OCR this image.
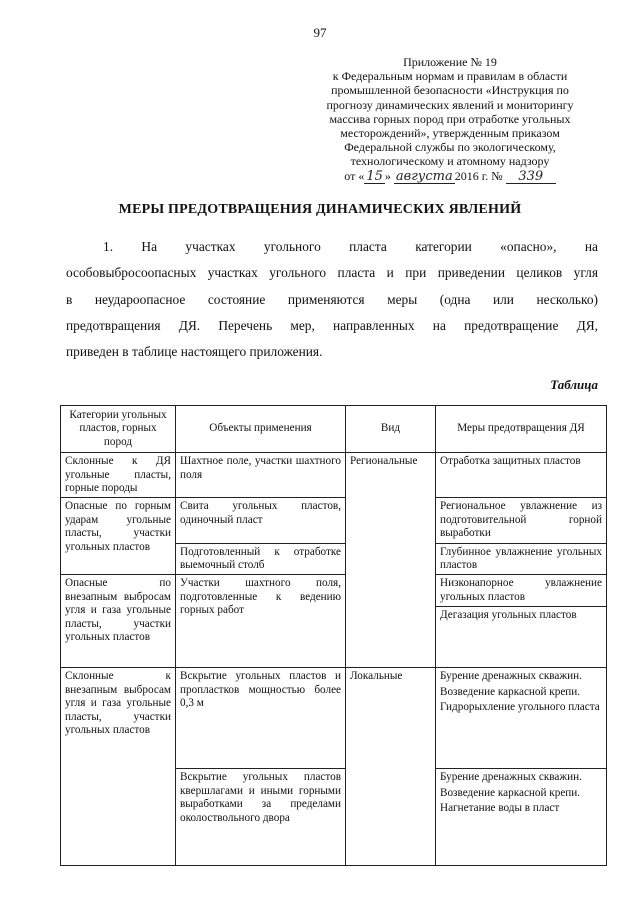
97
Приложение № 19
к Федеральным нормам и правилам в области
промышленной безопасности «Инструкция по
прогнозу динамических явлений и мониторингу
массива горных пород при отработке угольных
месторождений», утвержденным приказом
Федеральной службы по экологическому,
технологическому и атомному надзору
от « 15 » августа 2016 г. № 339
МЕРЫ ПРЕДОТВРАЩЕНИЯ ДИНАМИЧЕСКИХ ЯВЛЕНИЙ
1. На участках угольного пласта категории «опасно», на
особовыбросоопасных участках угольного пласта и при приведении целиков угля
в неудароопасное состояние применяются меры (одна или несколько)
предотвращения ДЯ. Перечень мер, направленных на предотвращение ДЯ,
приведен в таблице настоящего приложения.
Таблица
Категории угольных пластов, горных пород	Объекты применения	Вид	Меры предотвращения ДЯ
Склонные к ДЯ угольные пласты, горные породы	Шахтное поле, участки шахтного поля	Региональные	Отработка защитных пластов
Опасные по горным ударам угольные пласты, участки угольных пластов	Свита угольных пластов, одиночный пласт		Региональное увлажнение из подготовительной горной выработки
	Подготовленный к отработке выемочный столб		Глубинное увлажнение угольных пластов
Опасные по внезапным выбросам угля и газа угольные пласты, участки угольных пластов	Участки шахтного поля, подготовленные к ведению горных работ		Низконапорное увлажнение угольных пластов
			Дегазация угольных пластов
Склонные к внезапным выбросам угля и газа угольные пласты, участки угольных пластов	Вскрытие угольных пластов и пропластков мощностью более 0,3 м	Локальные	Бурение дренажных скважин.
Возведение каркасной крепи.
Гидрорыхление угольного пласта

	Вскрытие угольных пластов квершлагами и иными горными выработками за пределами околоствольного двора		Бурение дренажных скважин.
Возведение каркасной крепи.
Нагнетание воды в пласт
